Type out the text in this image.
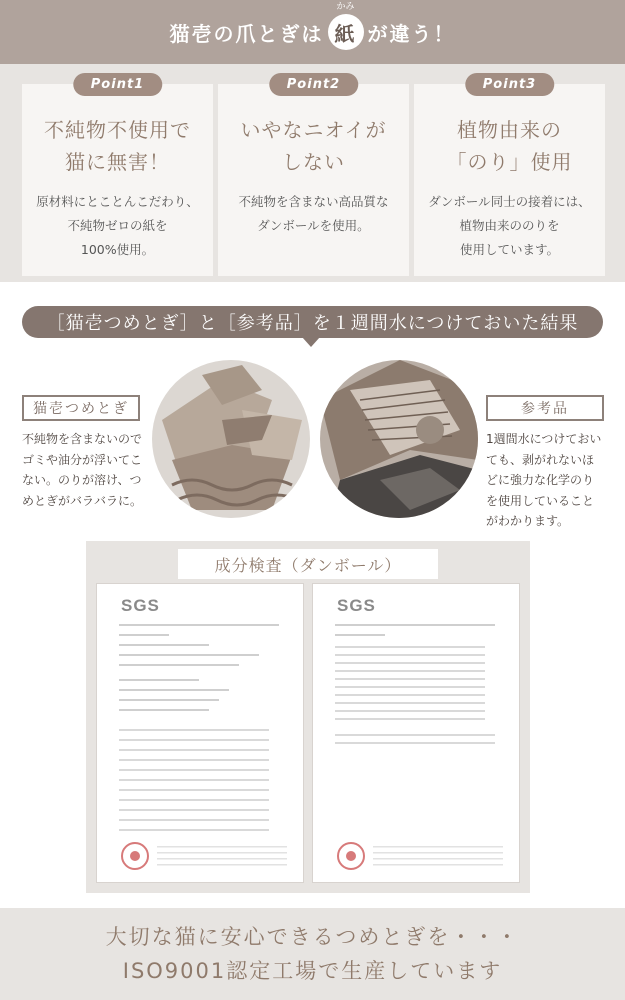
猫壱の爪とぎは
かみ
紙 が違う！
Point1
不純物不使用で
猫に無害！
原材料にとことんこだわり、
不純物ゼロの紙を
100%使用。
Point2
いやなニオイが
しない
不純物を含まない高品質な
ダンボールを使用。
Point3
植物由来の
「のり」使用
ダンボール同士の接着には、
植物由来ののりを
使用しています。
［猫壱つめとぎ］と［参考品］を１週間水につけておいた結果
猫壱つめとぎ
不純物を含まないので
ゴミや油分が浮いてこ
ない。のりが溶け、つ
めとぎがバラバラに。
参考品
1週間水につけておい
ても、剥がれないほ
どに強力な化学のり
を使用していること
がわかります。
成分検査（ダンボール）
SGS	SGS
大切な猫に安心できるつめとぎを・・・
ISO9001認定工場で生産しています
